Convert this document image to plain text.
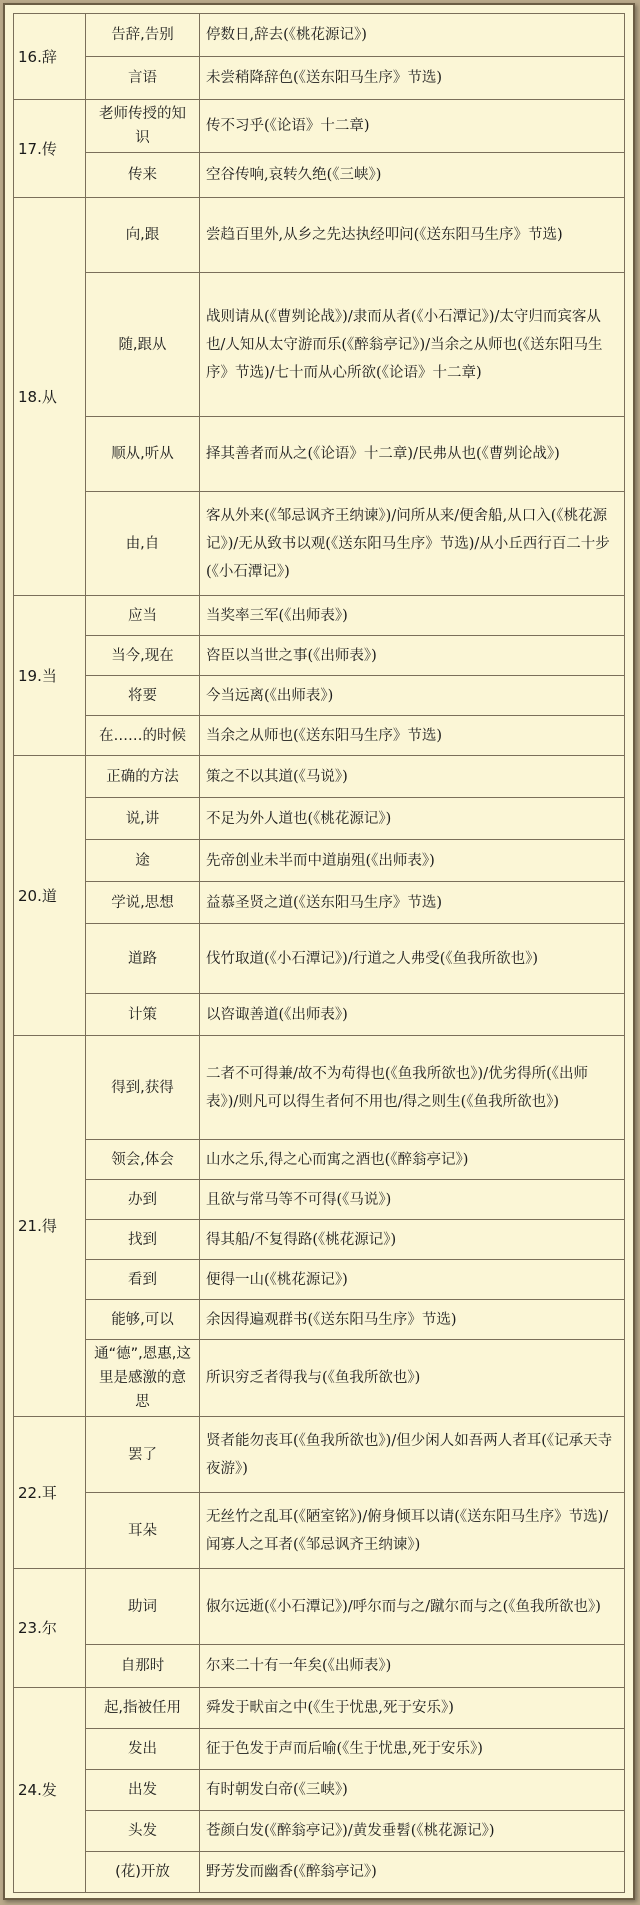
16.辞	告辞,告别	停数日,辞去(《桃花源记》)
	言语	未尝稍降辞色(《送东阳马生序》节选)
17.传	老师传授的知识	传不习乎(《论语》十二章)
	传来	空谷传响,哀转久绝(《三峡》)
18.从	向,跟	尝趋百里外,从乡之先达执经叩问(《送东阳马生序》节选)
	随,跟从	战则请从(《曹刿论战》)/隶而从者(《小石潭记》)/太守归而宾客从也/人知从太守游而乐(《醉翁亭记》)/当余之从师也(《送东阳马生序》节选)/七十而从心所欲(《论语》十二章)
	顺从,听从	择其善者而从之(《论语》十二章)/民弗从也(《曹刿论战》)
	由,自	客从外来(《邹忌讽齐王纳谏》)/问所从来/便舍船,从口入(《桃花源记》)/无从致书以观(《送东阳马生序》节选)/从小丘西行百二十步(《小石潭记》)
19.当	应当	当奖率三军(《出师表》)
	当今,现在	咨臣以当世之事(《出师表》)
	将要	今当远离(《出师表》)
	在……的时候	当余之从师也(《送东阳马生序》节选)
20.道	正确的方法	策之不以其道(《马说》)
	说,讲	不足为外人道也(《桃花源记》)
	途	先帝创业未半而中道崩殂(《出师表》)
	学说,思想	益慕圣贤之道(《送东阳马生序》节选)
	道路	伐竹取道(《小石潭记》)/行道之人弗受(《鱼我所欲也》)
	计策	以咨诹善道(《出师表》)
21.得	得到,获得	二者不可得兼/故不为苟得也(《鱼我所欲也》)/优劣得所(《出师表》)/则凡可以得生者何不用也/得之则生(《鱼我所欲也》)
	领会,体会	山水之乐,得之心而寓之酒也(《醉翁亭记》)
	办到	且欲与常马等不可得(《马说》)
	找到	得其船/不复得路(《桃花源记》)
	看到	便得一山(《桃花源记》)
	能够,可以	余因得遍观群书(《送东阳马生序》节选)
	通“德”,恩惠,这里是感激的意思	所识穷乏者得我与(《鱼我所欲也》)
22.耳	罢了	贤者能勿丧耳(《鱼我所欲也》)/但少闲人如吾两人者耳(《记承天寺夜游》)
	耳朵	无丝竹之乱耳(《陋室铭》)/俯身倾耳以请(《送东阳马生序》节选)/闻寡人之耳者(《邹忌讽齐王纳谏》)
23.尔	助词	俶尔远逝(《小石潭记》)/呼尔而与之/蹴尔而与之(《鱼我所欲也》)
	自那时	尔来二十有一年矣(《出师表》)
24.发	起,指被任用	舜发于畎亩之中(《生于忧患,死于安乐》)
	发出	征于色发于声而后喻(《生于忧患,死于安乐》)
	出发	有时朝发白帝(《三峡》)
	头发	苍颜白发(《醉翁亭记》)/黄发垂髫(《桃花源记》)
	(花)开放	野芳发而幽香(《醉翁亭记》)
